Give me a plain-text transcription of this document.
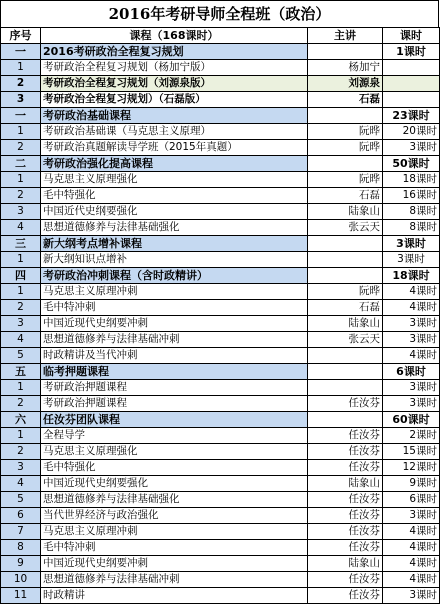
2016年考研导师全程班（政治）
序号	课程（168课时）	主讲	课时
一	2016考研政治全程复习规划		1课时
1	考研政治全程复习规划（杨加宁版）	杨加宁	
2	考研政治全程复习规划（刘源泉版）	刘源泉	
3	考研政治全程复习规划）（石磊版）	石磊	
一	考研政治基础课程		23课时
1	考研政治基础课（马克思主义原理）	阮晔	20课时
2	考研政治真题解读导学班（2015年真题）	阮晔	3课时
二	考研政治强化提高课程		50课时
1	马克思主义原理强化	阮晔	18课时
2	毛中特强化	石磊	16课时
3	中国近代史纲要强化	陆象山	8课时
4	思想道德修养与法律基础强化	张云天	8课时
三	新大纲考点增补课程		3课时
1	新大纲知识点增补		3课时
四	考研政治冲刺课程（含时政精讲）		18课时
1	马克思主义原理冲刺	阮晔	4课时
2	毛中特冲刺	石磊	4课时
3	中国近现代史纲要冲刺	陆象山	3课时
4	思想道德修养与法律基础冲刺	张云天	3课时
5	时政精讲及当代冲刺		4课时
五	临考押题课程		6课时
1	考研政治押题课程		3课时
2	考研政治押题课程	任汝芬	3课时
六	任汝芬团队课程		60课时
1	全程导学	任汝芬	2课时
2	马克思主义原理强化	任汝芬	15课时
3	毛中特强化	任汝芬	12课时
4	中国近现代史纲要强化	陆象山	9课时
5	思想道德修养与法律基础强化	任汝芬	6课时
6	当代世界经济与政治强化	任汝芬	3课时
7	马克思主义原理冲刺	任汝芬	4课时
8	毛中特冲刺	任汝芬	4课时
9	中国近现代史纲要冲刺	陆象山	4课时
10	思想道德修养与法律基础冲刺	任汝芬	4课时
11	时政精讲	任汝芬	3课时
